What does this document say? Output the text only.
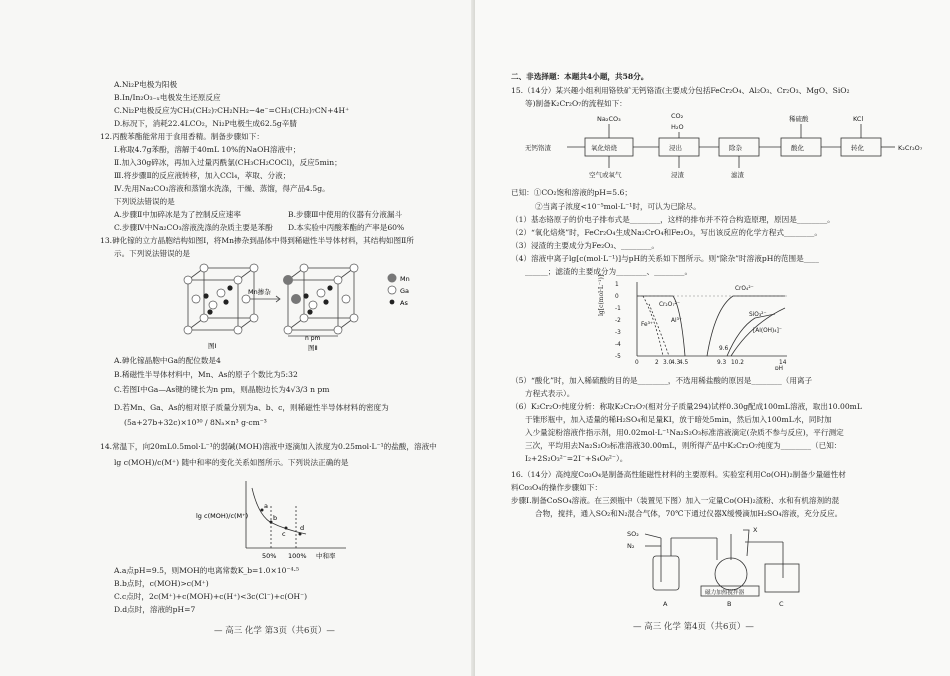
A.Ni₂P电极为阳极
B.In/In₂O₃₋ₓ电极发生还原反应
C.Ni₂P电极反应为CH₃(CH₂)₇CH₂NH₂−4e⁻=CH₃(CH₂)₇CN+4H⁺
D.标况下，消耗22.4LCO₂，Ni₂P电极生成62.5g辛腈
12.丙酸苯酯能常用于食用香精。制备步骤如下：
Ⅰ.称取4.7g苯酚，溶解于40mL 10%的NaOH溶液中；
Ⅱ.加入30g碎冰，再加入过量丙酰氯(CH₃CH₂COCl)，反应5min；
Ⅲ.将步骤Ⅱ的反应液转移，加入CCl₄，萃取、分液；
Ⅳ.先用Na₂CO₃溶液和蒸馏水洗涤，干燥、蒸馏，得产品4.5g。
下列说法错误的是
A.步骤Ⅱ中加碎冰是为了控制反应速率	B.步骤Ⅲ中使用的仪器有分液漏斗
C.步骤Ⅳ中Na₂CO₃溶液洗涤的杂质主要是苯酚 D.本实验中丙酸苯酯的产率是60%
13.砷化镓的立方晶胞结构如图Ⅰ，将Mn掺杂到晶体中得到稀磁性半导体材料，其结构如图Ⅱ所
示。下列说法错误的是
Mn掺杂
n pm
图Ⅰ	图Ⅱ
Mn
Ga
As
A.砷化镓晶胞中Ga的配位数是4
B.稀磁性半导体材料中，Mn、As的原子个数比为5:32
C.若图Ⅰ中Ga—As键的键长为n pm，则晶胞边长为4√3/3 n pm
D.若Mn、Ga、As的相对原子质量分别为a、b、c，则稀磁性半导体材料的密度为
(5a+27b+32c)×10³⁰ / 8Nₐ×n³ g·cm⁻³
14.常温下，向20mL0.5mol·L⁻¹的弱碱(MOH)溶液中逐滴加入浓度为0.25mol·L⁻¹的盐酸，溶液中
lg c(MOH)/c(M⁺) 随中和率的变化关系如图所示。下列说法正确的是
a
b
c
d
lg c(MOH)/c(M⁺)
50% 100% 中和率
A.a点pH=9.5，则MOH的电离常数K_b=1.0×10⁻⁴·⁵
B.b点时，c(MOH)>c(M⁺)
C.c点时，2c(M⁺)+c(MOH)+c(H⁺)<3c(Cl⁻)+c(OH⁻)
D.d点时，溶液的pH=7
— 高三 化学 第3页（共6页）—
二、非选择题：本题共4小题，共58分。
15.（14分）某兴趣小组利用铬铁矿无钙铬渣(主要成分包括FeCr₂O₄、Al₂O₃、Cr₂O₃、MgO、SiO₂
等)制备K₂Cr₂O₇的流程如下：
Na₂CO₃	CO₂
H₂O
稀硫酸	KCl
无钙铬渣	氧化焙烧	浸出	除杂	酸化	转化	K₂Cr₂O₇
空气或氧气	浸渣	滤渣
已知：①CO₂饱和溶液的pH=5.6；
②当离子浓度<10⁻⁵mol·L⁻¹时，可认为已除尽。
（1）基态铬原子的价电子排布式是________，这样的排布并不符合构造原理，原因是________。
（2）“氧化焙烧”时，FeCr₂O₄生成Na₂CrO₄和Fe₂O₃，写出该反应的化学方程式________。
（3）浸渣的主要成分为Fe₂O₃、________。
（4）溶液中离子lg[c(mol·L⁻¹)]与pH的关系如下图所示。则“除杂”时溶液pH的范围是____
______；滤渣的主要成分为________、________。
1
0
-1
-2
-3
-4
-5
0	2 3.0
4.3
4.5	9.3 10.2	14
CrO₄²⁻
Cr₂O₇²⁻
Fe³⁺
Al³⁺
SiO₃²⁻
[Al(OH)₄]⁻
9.6
pH
lg[c(mol·L⁻¹)]
（5）“酸化”时，加入稀硫酸的目的是________，不选用稀盐酸的原因是________（用离子
方程式表示）。
（6）K₂Cr₂O₇纯度分析：称取K₂Cr₂O₇(相对分子质量294)试样0.30g配成100mL溶液，取出10.00mL
于锥形瓶中，加入适量的稀H₂SO₄和足量KI，放于暗处5min，然后加入100mL水，同时加
入少量淀粉溶液作指示剂，用0.02mol·L⁻¹Na₂S₂O₃标准溶液滴定(杂质不参与反应)，平行测定
三次，平均用去Na₂S₂O₃标准溶液30.00mL，则所得产品中K₂Cr₂O₇纯度为________（已知：
I₂+2S₂O₃²⁻=2I⁻+S₄O₆²⁻）。
16.（14分）高纯度Co₃O₄是制备高性能磁性材料的主要原料。实验室利用Co(OH)₂制备少量磁性材
料Co₃O₄的操作步骤如下：
步骤Ⅰ.制备CoSO₄溶液。在三颈瓶中（装置见下图）加入一定量Co(OH)₂渣粉、水和有机溶剂的混
合物，搅拌，通入SO₂和N₂混合气体，70℃下通过仪器X缓慢滴加H₂SO₄溶液，充分反应。
SO₂
N₂
X
磁力加热搅拌器
A	B	C
— 高三 化学 第4页（共6页）—
